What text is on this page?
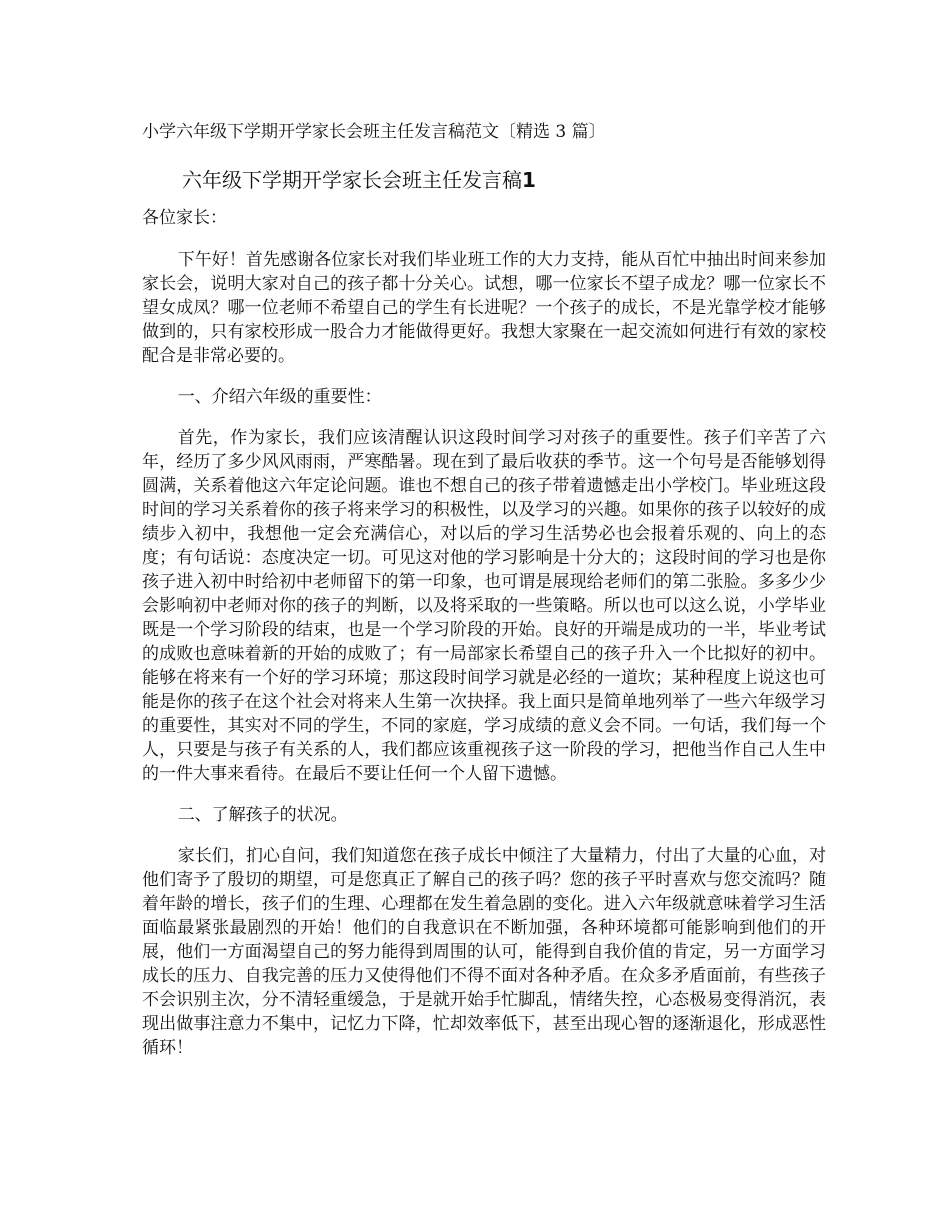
小学六年级下学期开学家长会班主任发言稿范文〔精选 3 篇〕
六年级下学期开学家长会班主任发言稿1
各位家长：

下午好！首先感谢各位家长对我们毕业班工作的大力支持，能从百忙中抽出时间来参加家长会，说明大家对自己的孩子都十分关心。试想，哪一位家长不望子成龙？哪一位家长不望女成凤？哪一位老师不希望自己的学生有长进呢？一个孩子的成长，不是光靠学校才能够做到的，只有家校形成一股合力才能做得更好。我想大家聚在一起交流如何进行有效的家校配合是非常必要的。

一、介绍六年级的重要性：

首先，作为家长，我们应该清醒认识这段时间学习对孩子的重要性。孩子们辛苦了六年，经历了多少风风雨雨，严寒酷暑。现在到了最后收获的季节。这一个句号是否能够划得圆满，关系着他这六年定论问题。谁也不想自己的孩子带着遗憾走出小学校门。毕业班这段时间的学习关系着你的孩子将来学习的积极性，以及学习的兴趣。如果你的孩子以较好的成绩步入初中，我想他一定会充满信心，对以后的学习生活势必也会报着乐观的、向上的态度；有句话说：态度决定一切。可见这对他的学习影响是十分大的；这段时间的学习也是你孩子进入初中时给初中老师留下的第一印象，也可谓是展现给老师们的第二张脸。多多少少会影响初中老师对你的孩子的判断，以及将采取的一些策略。所以也可以这么说，小学毕业既是一个学习阶段的结束，也是一个学习阶段的开始。良好的开端是成功的一半，毕业考试的成败也意味着新的开始的成败了；有一局部家长希望自己的孩子升入一个比拟好的初中。能够在将来有一个好的学习环境；那这段时间学习就是必经的一道坎；某种程度上说这也可能是你的孩子在这个社会对将来人生第一次抉择。我上面只是简单地列举了一些六年级学习的重要性，其实对不同的学生，不同的家庭，学习成绩的意义会不同。一句话，我们每一个人，只要是与孩子有关系的人，我们都应该重视孩子这一阶段的学习，把他当作自己人生中的一件大事来看待。在最后不要让任何一个人留下遗憾。

二、了解孩子的状况。

家长们，扪心自问，我们知道您在孩子成长中倾注了大量精力，付出了大量的心血，对他们寄予了殷切的期望，可是您真正了解自己的孩子吗？您的孩子平时喜欢与您交流吗？随着年龄的增长，孩子们的生理、心理都在发生着急剧的变化。进入六年级就意味着学习生活面临最紧张最剧烈的开始！他们的自我意识在不断加强，各种环境都可能影响到他们的开展，他们一方面渴望自己的努力能得到周围的认可，能得到自我价值的肯定，另一方面学习成长的压力、自我完善的压力又使得他们不得不面对各种矛盾。在众多矛盾面前，有些孩子不会识别主次，分不清轻重缓急，于是就开始手忙脚乱，情绪失控，心态极易变得消沉，表现出做事注意力不集中，记忆力下降，忙却效率低下，甚至出现心智的逐渐退化，形成恶性循环！
